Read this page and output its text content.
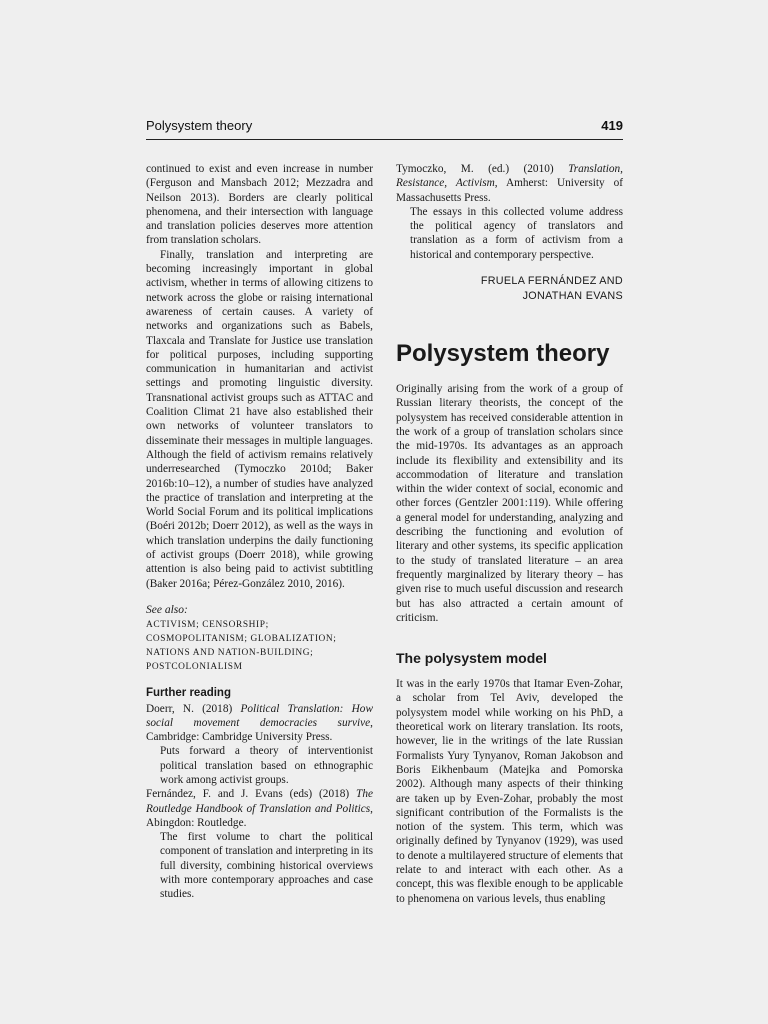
Polysystem theory	419

continued to exist and even increase in number (Ferguson and Mansbach 2012; Mezzadra and Neilson 2013). Borders are clearly political phenomena, and their intersection with language and translation policies deserves more attention from translation scholars.

Finally, translation and interpreting are becoming increasingly important in global activism, whether in terms of allowing citizens to network across the globe or raising international awareness of certain causes. A variety of networks and organizations such as Babels, Tlaxcala and Translate for Justice use translation for political purposes, including supporting communication in humanitarian and activist settings and promoting linguistic diversity. Transnational activist groups such as ATTAC and Coalition Climat 21 have also established their own networks of volunteer translators to disseminate their messages in multiple languages. Although the field of activism remains relatively underresearched (Tymoczko 2010d; Baker 2016b:10–12), a number of studies have analyzed the practice of translation and interpreting at the World Social Forum and its political implications (Boéri 2012b; Doerr 2012), as well as the ways in which translation underpins the daily functioning of activist groups (Doerr 2018), while growing attention is also being paid to activist subtitling (Baker 2016a; Pérez-González 2010, 2016).

See also:

ACTIVISM; CENSORSHIP; COSMOPOLITANISM; GLOBALIZATION; NATIONS AND NATION-BUILDING; POSTCOLONIALISM

Further reading

Doerr, N. (2018) Political Translation: How social movement democracies survive, Cambridge: Cambridge University Press.

Puts forward a theory of interventionist political translation based on ethnographic work among activist groups.

Fernández, F. and J. Evans (eds) (2018) The Routledge Handbook of Translation and Politics, Abingdon: Routledge.

The first volume to chart the political component of translation and interpreting in its full diversity, combining historical overviews with more contemporary approaches and case studies.

Tymoczko, M. (ed.) (2010) Translation, Resistance, Activism, Amherst: University of Massachusetts Press.

The essays in this collected volume address the political agency of translators and translation as a form of activism from a historical and contemporary perspective.

FRUELA FERNÁNDEZ AND
JONATHAN EVANS
Polysystem theory

Originally arising from the work of a group of Russian literary theorists, the concept of the polysystem has received considerable attention in the work of a group of translation scholars since the mid-1970s. Its advantages as an approach include its flexibility and extensibility and its accommodation of literature and translation within the wider context of social, economic and other forces (Gentzler 2001:119). While offering a general model for understanding, analyzing and describing the functioning and evolution of literary and other systems, its specific application to the study of translated literature – an area frequently marginalized by literary theory – has given rise to much useful discussion and research but has also attracted a certain amount of criticism.

The polysystem model

It was in the early 1970s that Itamar Even-Zohar, a scholar from Tel Aviv, developed the polysystem model while working on his PhD, a theoretical work on literary translation. Its roots, however, lie in the writings of the late Russian Formalists Yury Tynyanov, Roman Jakobson and Boris Eikhenbaum (Matejka and Pomorska 2002). Although many aspects of their thinking are taken up by Even-Zohar, probably the most significant contribution of the Formalists is the notion of the system. This term, which was originally defined by Tynyanov (1929), was used to denote a multilayered structure of elements that relate to and interact with each other. As a concept, this was flexible enough to be applicable to phenomena on various levels, thus enabling
